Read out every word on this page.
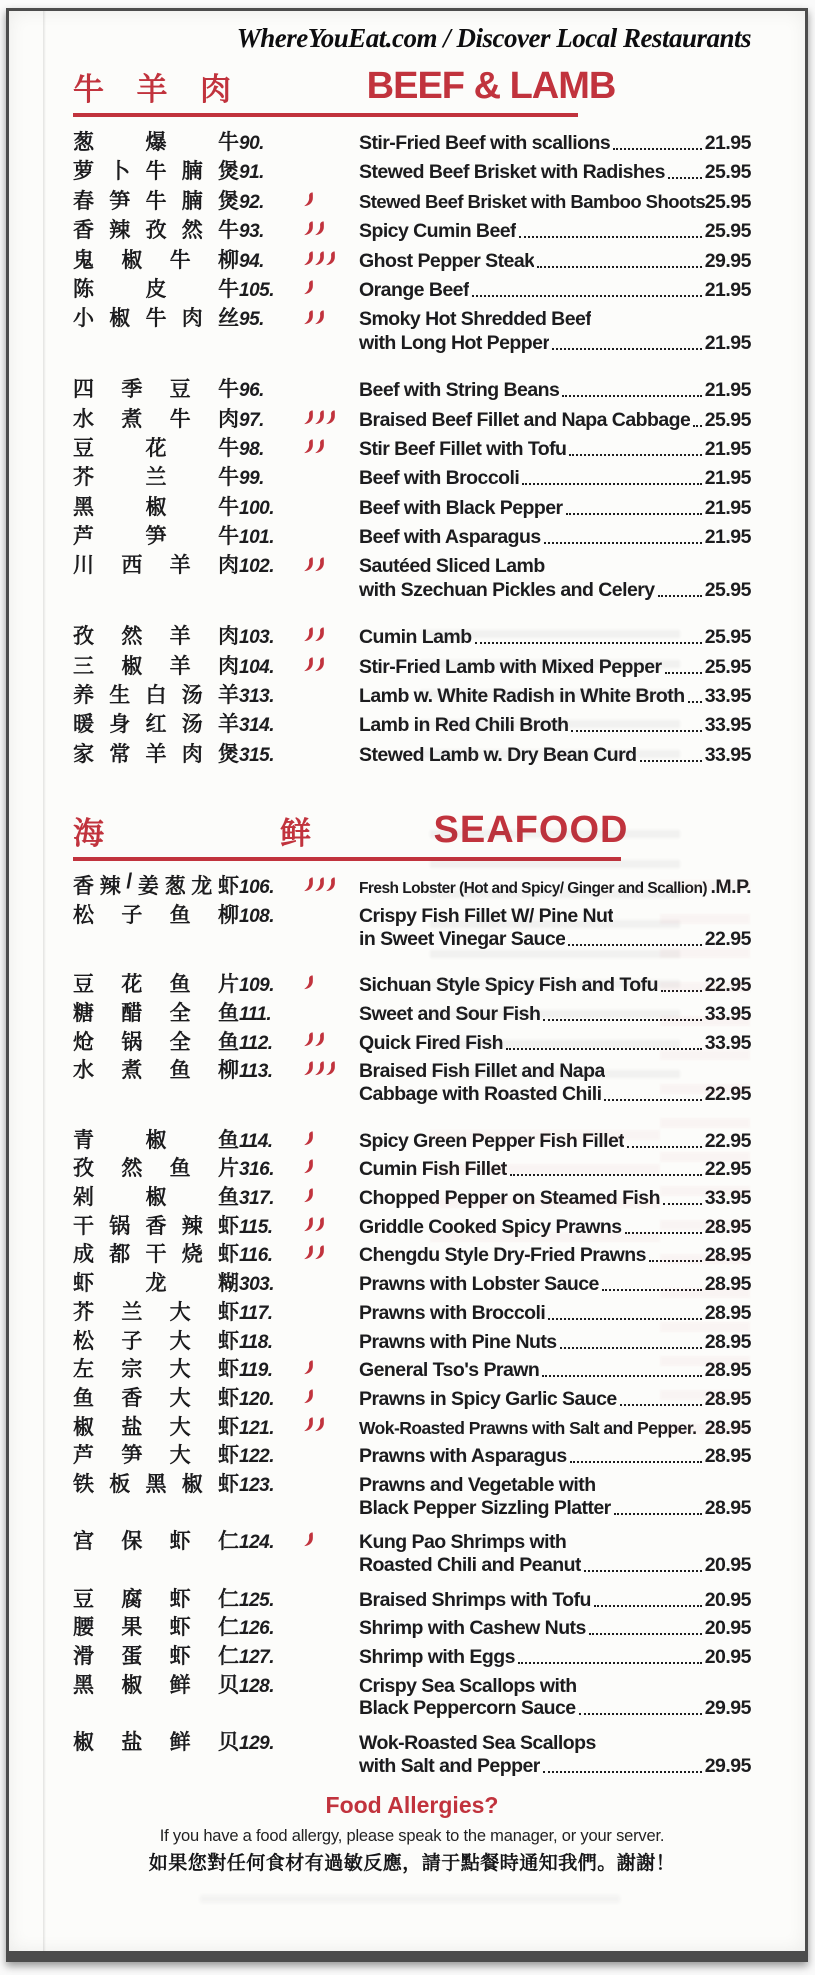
WhereYouEat.com / Discover Local Restaurants
牛 羊 肉	BEEF & LAMB
葱 爆 牛 90.	Stir-Fried Beef with scallions	21.95
萝 卜 牛 腩 煲 91.	Stewed Beef Brisket with Radishes 25.95
春 笋 牛 腩 煲 92.	Stewed Beef Brisket with Bamboo Shoots 25.95
香 辣 孜 然 牛 93.	Spicy Cumin Beef	25.95
鬼 椒 牛 柳 94.	Ghost Pepper Steak	29.95
陈 皮 牛 105.	Orange Beef	21.95
小 椒 牛 肉 丝 95.	Smoky Hot Shredded Beef
with Long Hot Pepper	21.95
四 季 豆 牛 96.	Beef with String Beans	21.95
水 煮 牛 肉 97.	Braised Beef Fillet and Napa Cabbage 25.95
豆 花 牛 98.	Stir Beef Fillet with Tofu	21.95
芥 兰 牛 99.	Beef with Broccoli	21.95
黑 椒 牛 100.	Beef with Black Pepper	21.95
芦 笋 牛 101.	Beef with Asparagus	21.95
川 西 羊 肉 102.	Sautéed Sliced Lamb
with Szechuan Pickles and Celery	25.95
孜 然 羊 肉 103.	Cumin Lamb	25.95
三 椒 羊 肉 104.	Stir-Fried Lamb with Mixed Pepper 25.95
养 生 白 汤 羊 313.	Lamb w. White Radish in White Broth 33.95
暖 身 红 汤 羊 314.	Lamb in Red Chili Broth	33.95
家 常 羊 肉 煲 315.	Stewed Lamb w. Dry Bean Curd	33.95
海	鲜	SEAFOOD
香 辣 / 姜 葱 龙 虾 106.	Fresh Lobster (Hot and Spicy/ Ginger and Scallion) .M.P.
松 子 鱼 柳 108.	Crispy Fish Fillet W/ Pine Nut
in Sweet Vinegar Sauce	22.95
豆 花 鱼 片 109.	Sichuan Style Spicy Fish and Tofu 22.95
糖 醋 全 鱼 111.	Sweet and Sour Fish	33.95
炝 锅 全 鱼 112.	Quick Fired Fish	33.95
水 煮 鱼 柳 113.	Braised Fish Fillet and Napa
Cabbage with Roasted Chili	22.95
青 椒 鱼 114.	Spicy Green Pepper Fish Fillet	22.95
孜 然 鱼 片 316.	Cumin Fish Fillet	22.95
剁 椒 鱼 317.	Chopped Pepper on Steamed Fish 33.95
干 锅 香 辣 虾 115.	Griddle Cooked Spicy Prawns	28.95
成 都 干 烧 虾 116.	Chengdu Style Dry-Fried Prawns	28.95
虾 龙 糊 303.	Prawns with Lobster Sauce	28.95
芥 兰 大 虾 117.	Prawns with Broccoli	28.95
松 子 大 虾 118.	Prawns with Pine Nuts	28.95
左 宗 大 虾 119.	General Tso's Prawn	28.95
鱼 香 大 虾 120.	Prawns in Spicy Garlic Sauce	28.95
椒 盐 大 虾 121.	Wok-Roasted Prawns with Salt and Pepper. 28.95
芦 笋 大 虾 122.	Prawns with Asparagus	28.95
铁 板 黑 椒 虾 123.	Prawns and Vegetable with
Black Pepper Sizzling Platter	28.95
宫 保 虾 仁 124.	Kung Pao Shrimps with
Roasted Chili and Peanut	20.95
豆 腐 虾 仁 125.	Braised Shrimps with Tofu	20.95
腰 果 虾 仁 126.	Shrimp with Cashew Nuts	20.95
滑 蛋 虾 仁 127.	Shrimp with Eggs	20.95
黑 椒 鲜 贝 128.	Crispy Sea Scallops with
Black Peppercorn Sauce	29.95
椒 盐 鲜 贝 129.	Wok-Roasted Sea Scallops
with Salt and Pepper	29.95
Food Allergies?
If you have a food allergy, please speak to the manager, or your server.
如果您對任何食材有過敏反應，請于點餐時通知我們。謝謝！
